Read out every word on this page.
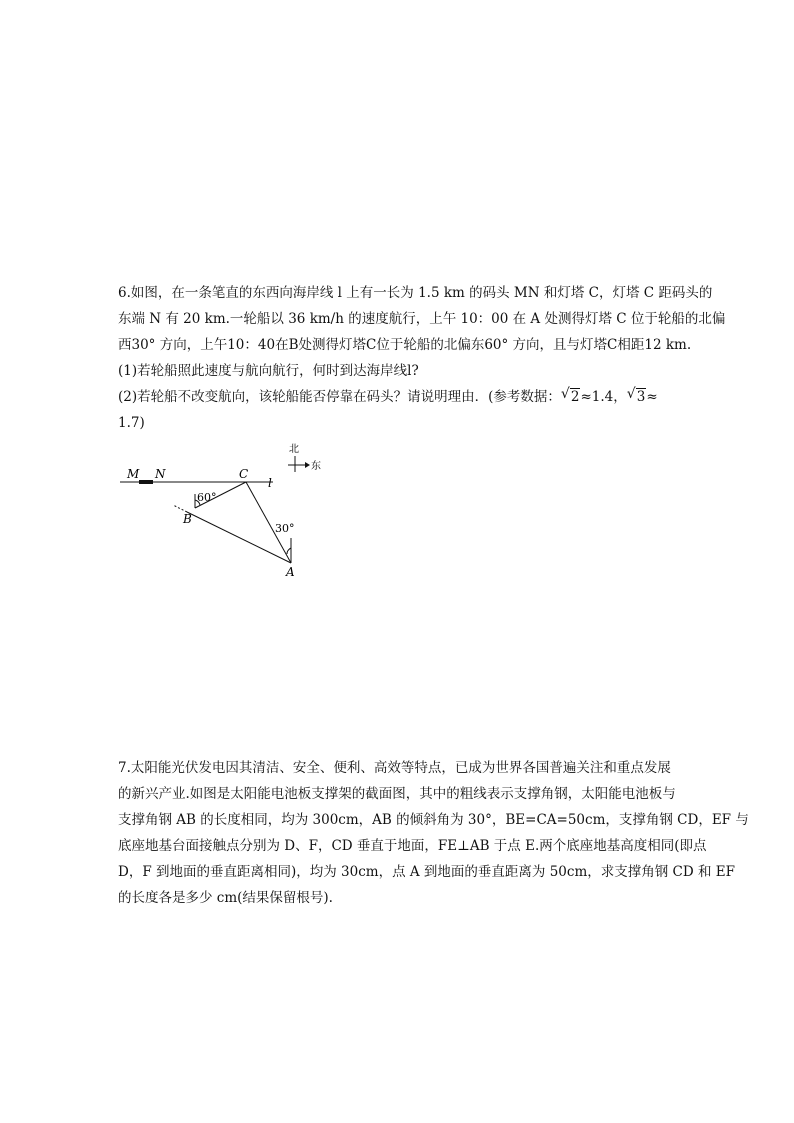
6.如图，在一条笔直的东西向海岸线 l 上有一长为 1.5 km 的码头 MN 和灯塔 C，灯塔 C 距码头的
东端 N 有 20 km.一轮船以 36 km/h 的速度航行，上午 10：00 在 A 处测得灯塔 C 位于轮船的北偏
西30° 方向，上午10：40在B处测得灯塔C位于轮船的北偏东60° 方向，且与灯塔C相距12 km.
(1)若轮船照此速度与航向航行，何时到达海岸线l?
(2)若轮船不改变航向，该轮船能否停靠在码头？请说明理由．(参考数据： √ 2≈1.4， √ 3≈
1.7)
M N	C
l
60°
B
30°
A
北
东
7.太阳能光伏发电因其清洁、安全、便利、高效等特点，已成为世界各国普遍关注和重点发展
的新兴产业.如图是太阳能电池板支撑架的截面图，其中的粗线表示支撑角钢，太阳能电池板与
支撑角钢 AB 的长度相同，均为 300cm，AB 的倾斜角为 30°，BE=CA=50cm，支撑角钢 CD，EF 与
底座地基台面接触点分别为 D、F，CD 垂直于地面，FE⊥AB 于点 E.两个底座地基高度相同(即点
D，F 到地面的垂直距离相同)，均为 30cm，点 A 到地面的垂直距离为 50cm，求支撑角钢 CD 和 EF
的长度各是多少 cm(结果保留根号).
